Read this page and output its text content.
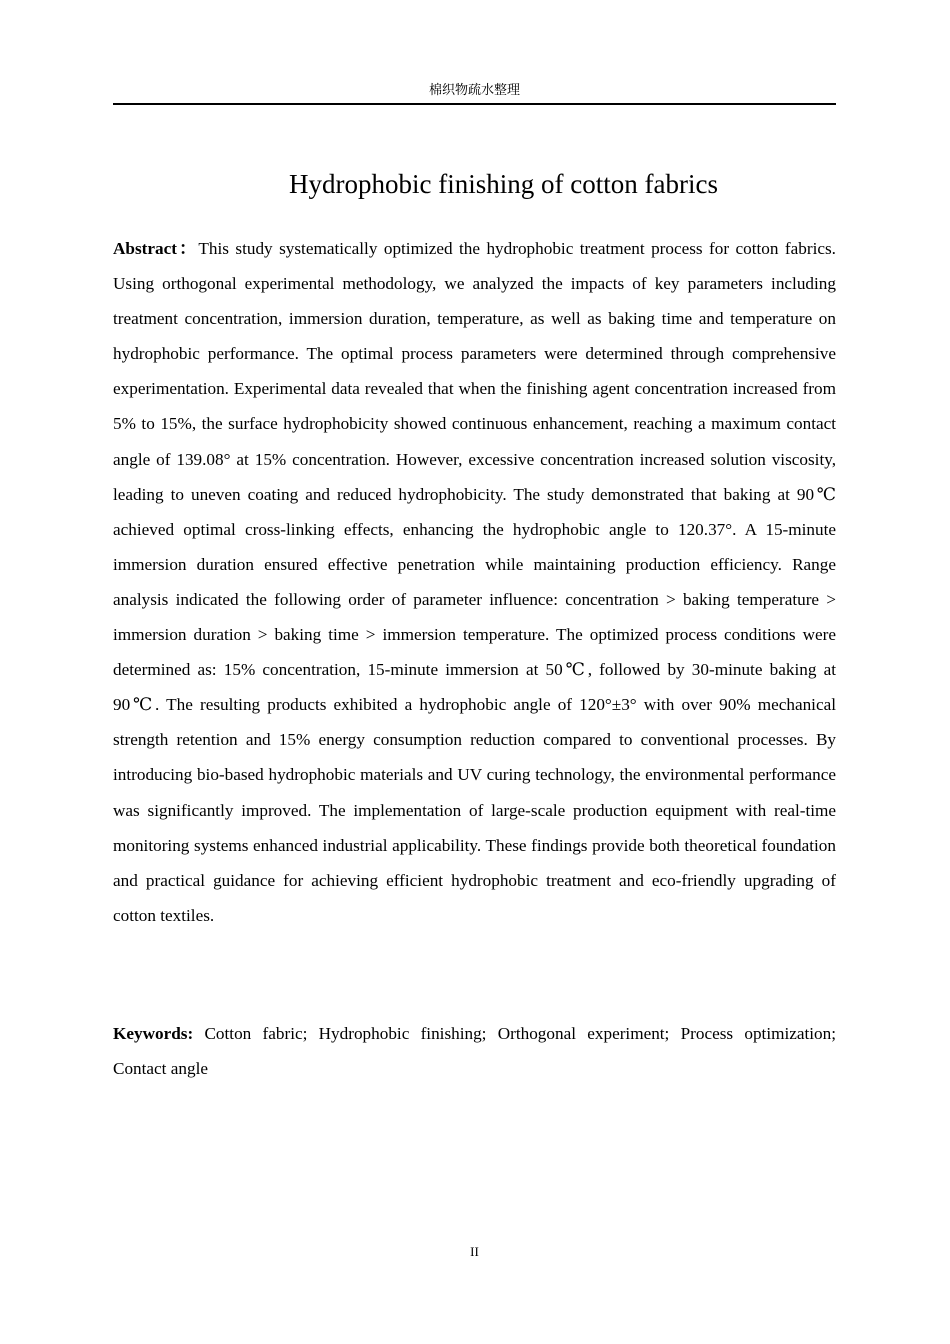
棉织物疏水整理
Hydrophobic finishing of cotton fabrics

Abstract：This study systematically optimized the hydrophobic treatment process for cotton fabrics. Using orthogonal experimental methodology, we analyzed the impacts of key parameters including treatment concentration, immersion duration, temperature, as well as baking time and temperature on hydrophobic performance. The optimal process parameters were determined through comprehensive experimentation. Experimental data revealed that when the finishing agent concentration increased from 5% to 15%, the surface hydrophobicity showed continuous enhancement, reaching a maximum contact angle of 139.08° at 15% concentration. However, excessive concentration increased solution viscosity, leading to uneven coating and reduced hydrophobicity. The study demonstrated that baking at 90℃ achieved optimal cross-linking effects, enhancing the hydrophobic angle to 120.37°. A 15-minute immersion duration ensured effective penetration while maintaining production efficiency. Range analysis indicated the following order of parameter influence: concentration > baking temperature > immersion duration > baking time > immersion temperature. The optimized process conditions were determined as: 15% concentration, 15-minute immersion at 50℃, followed by 30-minute baking at 90℃. The resulting products exhibited a hydrophobic angle of 120°±3° with over 90% mechanical strength retention and 15% energy consumption reduction compared to conventional processes. By introducing bio-based hydrophobic materials and UV curing technology, the environmental performance was significantly improved. The implementation of large-scale production equipment with real-time monitoring systems enhanced industrial applicability. These findings provide both theoretical foundation and practical guidance for achieving efficient hydrophobic treatment and eco-friendly upgrading of cotton textiles.

Keywords: Cotton fabric; Hydrophobic finishing; Orthogonal experiment; Process optimization; Contact angle

II
